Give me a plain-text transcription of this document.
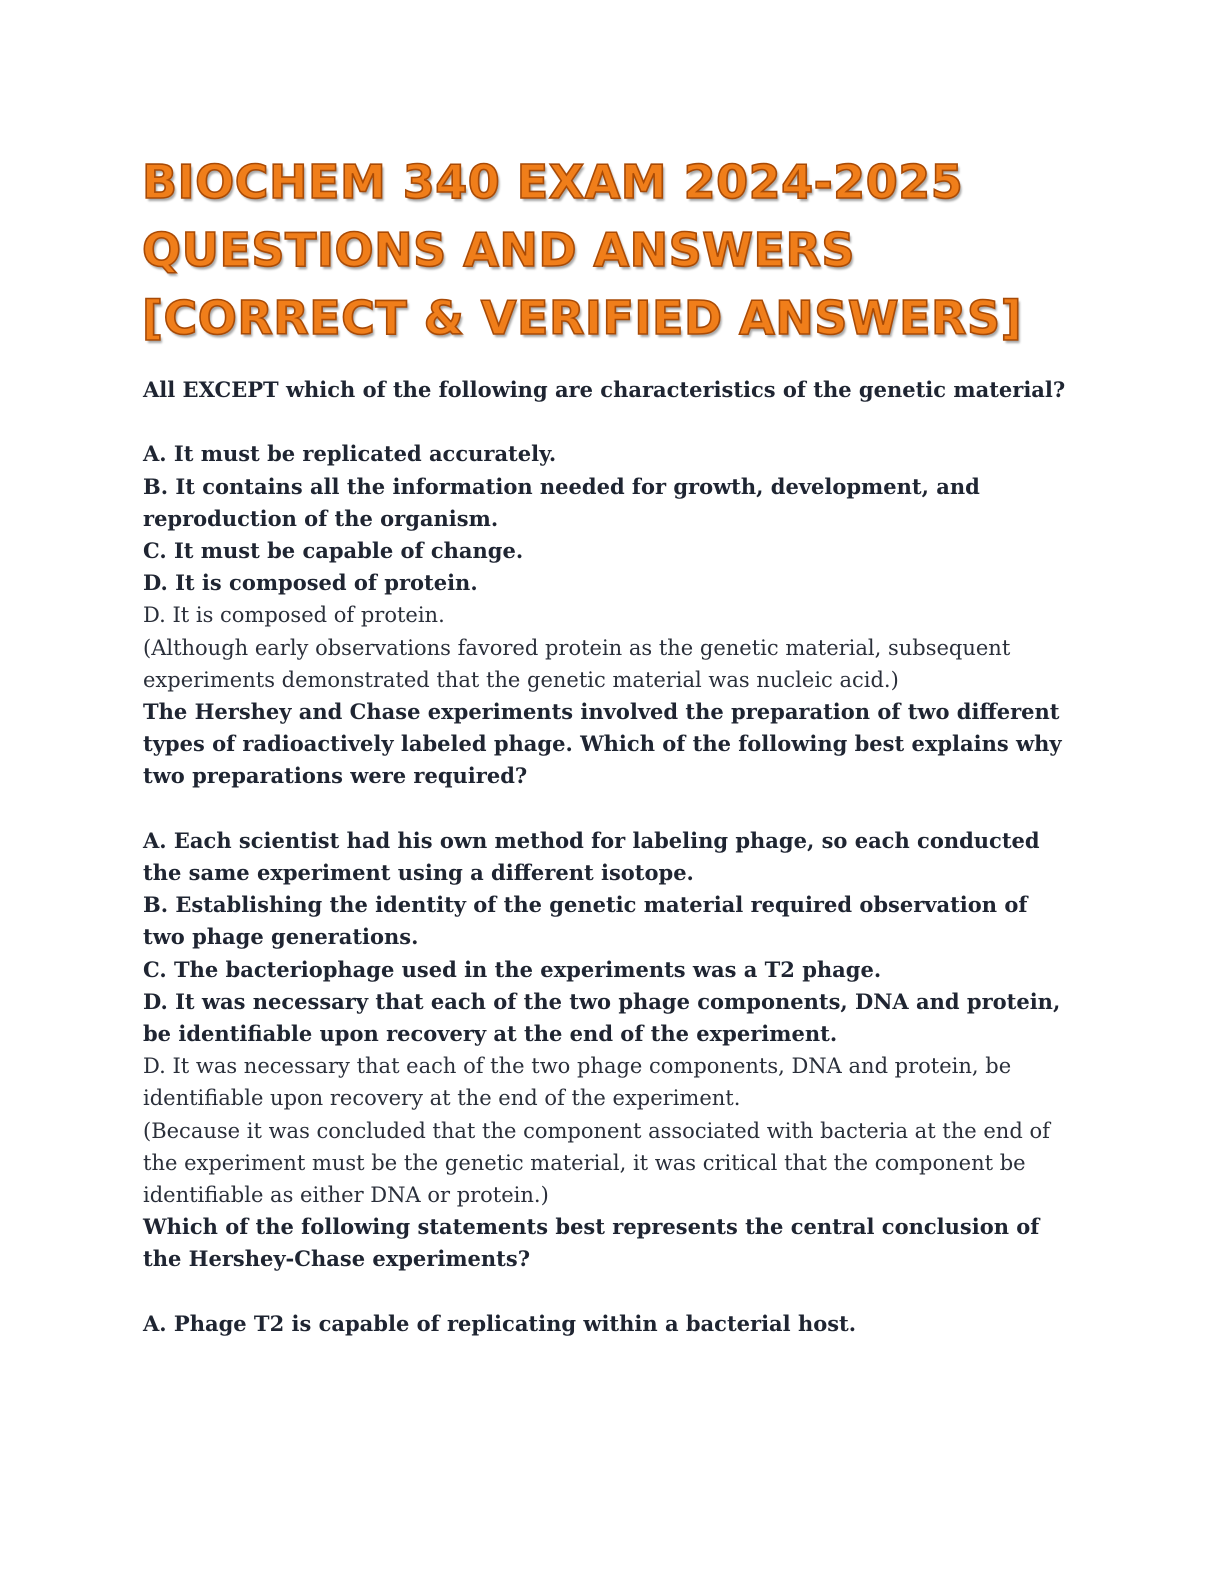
BIOCHEM 340 EXAM 2024-2025
QUESTIONS AND ANSWERS
[CORRECT & VERIFIED ANSWERS]

All EXCEPT which of the following are characteristics of the genetic material?

A. It must be replicated accurately.

B. It contains all the information needed for growth, development, and reproduction of the organism.

C. It must be capable of change.

D. It is composed of protein.

D. It is composed of protein.

(Although early observations favored protein as the genetic material, subsequent experiments demonstrated that the genetic material was nucleic acid.)

The Hershey and Chase experiments involved the preparation of two different types of radioactively labeled phage. Which of the following best explains why two preparations were required?

A. Each scientist had his own method for labeling phage, so each conducted the same experiment using a different isotope.

B. Establishing the identity of the genetic material required observation of two phage generations.

C. The bacteriophage used in the experiments was a T2 phage.

D. It was necessary that each of the two phage components, DNA and protein, be identifiable upon recovery at the end of the experiment.

D. It was necessary that each of the two phage components, DNA and protein, be identifiable upon recovery at the end of the experiment.

(Because it was concluded that the component associated with bacteria at the end of the experiment must be the genetic material, it was critical that the component be identifiable as either DNA or protein.)

Which of the following statements best represents the central conclusion of the Hershey-Chase experiments?

A. Phage T2 is capable of replicating within a bacterial host.
